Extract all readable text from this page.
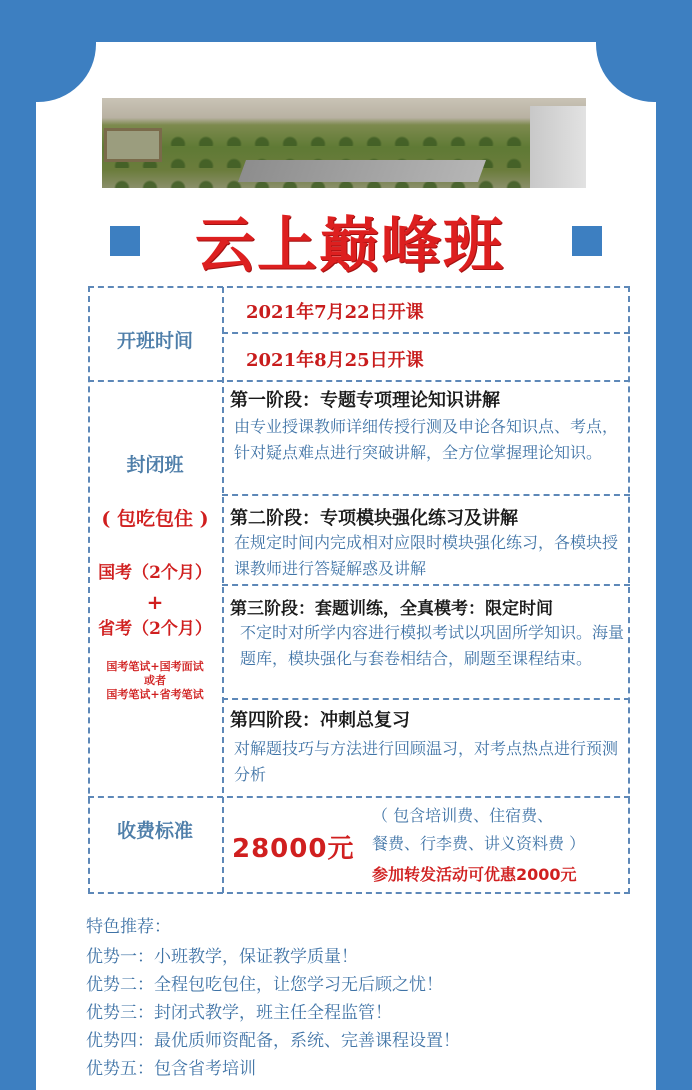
云上巅峰班
开班时间
2021年7月22日开课
2021年8月25日开课
封闭班
( 包吃包住 )
国考（2个月）
+
省考（2个月）
国考笔试+国考面试
或者
国考笔试+省考笔试
第一阶段：专题专项理论知识讲解
由专业授课教师详细传授行测及申论各知识点、考点，针对疑点难点进行突破讲解，全方位掌握理论知识。
第二阶段：专项模块强化练习及讲解
在规定时间内完成相对应限时模块强化练习，各模块授课教师进行答疑解惑及讲解
第三阶段：套题训练，全真模考：限定时间
不定时对所学内容进行模拟考试以巩固所学知识。海量题库，模块强化与套卷相结合，刷题至课程结束。
第四阶段：冲刺总复习
对解题技巧与方法进行回顾温习，对考点热点进行预测分析
收费标准
28000元
（ 包含培训费、住宿费、
餐费、行李费、讲义资料费 ）
参加转发活动可优惠2000元
特色推荐：
优势一：小班教学，保证教学质量！
优势二：全程包吃包住，让您学习无后顾之忧！
优势三：封闭式教学，班主任全程监管！
优势四：最优质师资配备，系统、完善课程设置！
优势五：包含省考培训
